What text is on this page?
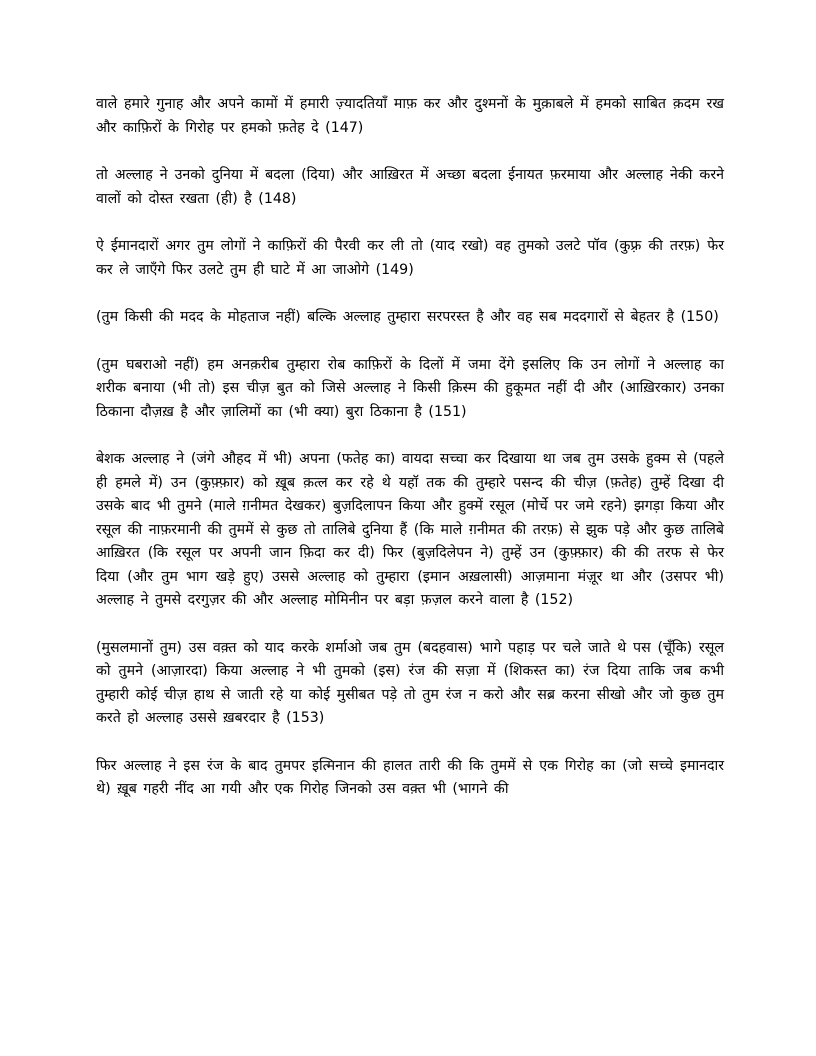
वाले हमारे गुनाह और अपने कामों में हमारी ज़्यादतियाँ माफ़ कर और दुश्मनों के मुक़ाबले में हमको साबित क़दम रख और काफ़िरों के गिरोह पर हमको फ़तेह दे (147)

तो अल्लाह ने उनको दुनिया में बदला (दिया) और आख़िरत में अच्छा बदला ईनायत फ़रमाया और अल्लाह नेकी करने वालों को दोस्त रखता (ही) है (148)

ऐ ईमानदारों अगर तुम लोगों ने काफ़िरों की पैरवी कर ली तो (याद रखो) वह तुमको उलटे पॉव (कुफ़्र की तरफ़) फेर कर ले जाएँगे फिर उलटे तुम ही घाटे में आ जाओगे (149)

(तुम किसी की मदद के मोहताज नहीं) बल्कि अल्लाह तुम्हारा सरपरस्त है और वह सब मददगारों से बेहतर है (150)

(तुम घबराओ नहीं) हम अनक़रीब तुम्हारा रोब काफ़िरों के दिलों में जमा देंगे इसलिए कि उन लोगों ने अल्लाह का शरीक बनाया (भी तो) इस चीज़ बुत को जिसे अल्लाह ने किसी क़िस्म की हुकूमत नहीं दी और (आख़िरकार) उनका ठिकाना दौज़ख़ है और ज़ालिमों का (भी क्या) बुरा ठिकाना है (151)

बेशक अल्लाह ने (जंगे औहद में भी) अपना (फतेह का) वायदा सच्चा कर दिखाया था जब तुम उसके हुक्म से (पहले ही हमले में) उन (कुफ़्फ़ार) को ख़ूब क़त्ल कर रहे थे यहॉ तक की तुम्हारे पसन्द की चीज़ (फ़तेह) तुम्हें दिखा दी उसके बाद भी तुमने (माले ग़नीमत देखकर) बुज़दिलापन किया और हुक्में रसूल (मोर्चे पर जमे रहने) झगड़ा किया और रसूल की नाफ़रमानी की तुममें से कुछ तो तालिबे दुनिया हैं (कि माले ग़नीमत की तरफ़) से झुक पड़े और कुछ तालिबे आख़िरत (कि रसूल पर अपनी जान फ़िदा कर दी) फिर (बुज़दिलेपन ने) तुम्हें उन (कुफ़्फ़ार) की की तरफ से फेर दिया (और तुम भाग खड़े हुए) उससे अल्लाह को तुम्हारा (इमान अख़लासी) आज़माना मंज़ूर था और (उसपर भी) अल्लाह ने तुमसे दरगुज़र की और अल्लाह मोमिनीन पर बड़ा फ़ज़ल करने वाला है (152)

(मुसलमानों तुम) उस वक़्त को याद करके शर्माओ जब तुम (बदहवास) भागे पहाड़ पर चले जाते थे पस (चूँकि) रसूल को तुमने (आज़ारदा) किया अल्लाह ने भी तुमको (इस) रंज की सज़ा में (शिकस्त का) रंज दिया ताकि जब कभी तुम्हारी कोई चीज़ हाथ से जाती रहे या कोई मुसीबत पड़े तो तुम रंज न करो और सब्र करना सीखो और जो कुछ तुम करते हो अल्लाह उससे ख़बरदार है (153)

फिर अल्लाह ने इस रंज के बाद तुमपर इत्मिनान की हालत तारी की कि तुममें से एक गिरोह का (जो सच्चे इमानदार थे) ख़ूब गहरी नींद आ गयी और एक गिरोह जिनको उस वक़्त भी (भागने की
